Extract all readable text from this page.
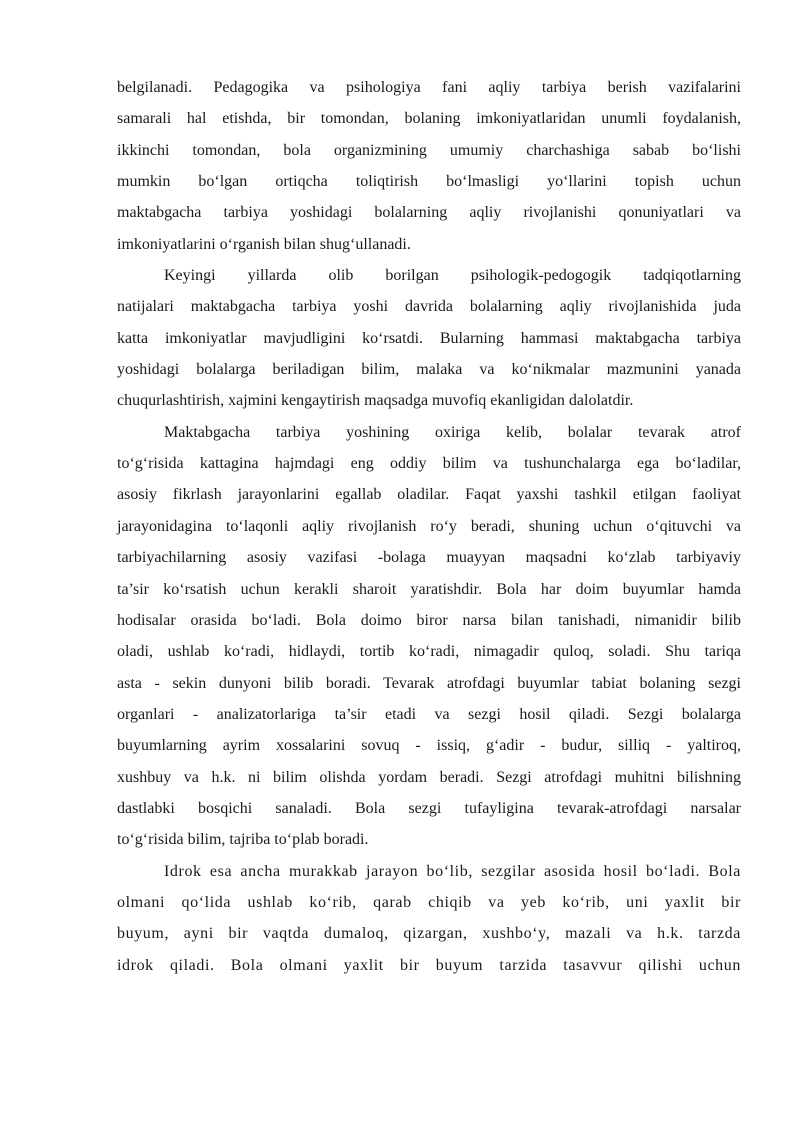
belgilanadi. Pedagogika va psihologiya fani aqliy tarbiya berish vazifalarini
samarali hal etishda, bir tomondan, bolaning imkoniyatlaridan unumli foydalanish,
ikkinchi tomondan, bola organizmining umumiy charchashiga sabab bo‘lishi
mumkin bo‘lgan ortiqcha toliqtirish bo‘lmasligi yo‘llarini topish uchun
maktabgacha tarbiya yoshidagi bolalarning aqliy rivojlanishi qonuniyatlari va
imkoniyatlarini o‘rganish bilan shug‘ullanadi.
Keyingi yillarda olib borilgan psihologik-pedogogik tadqiqotlarning
natijalari maktabgacha tarbiya yoshi davrida bolalarning aqliy rivojlanishida juda
katta imkoniyatlar mavjudligini ko‘rsatdi. Bularning hammasi maktabgacha tarbiya
yoshidagi bolalarga beriladigan bilim, malaka va ko‘nikmalar mazmunini yanada
chuqurlashtirish, xajmini kengaytirish maqsadga muvofiq ekanligidan dalolatdir.
Maktabgacha tarbiya yoshining oxiriga kelib, bolalar tevarak atrof
to‘g‘risida kattagina hajmdagi eng oddiy bilim va tushunchalarga ega bo‘ladilar,
asosiy fikrlash jarayonlarini egallab oladilar. Faqat yaxshi tashkil etilgan faoliyat
jarayonidagina to‘laqonli aqliy rivojlanish ro‘y beradi, shuning uchun o‘qituvchi va
tarbiyachilarning asosiy vazifasi -bolaga muayyan maqsadni ko‘zlab tarbiyaviy
ta’sir ko‘rsatish uchun kerakli sharoit yaratishdir. Bola har doim buyumlar hamda
hodisalar orasida bo‘ladi. Bola doimo biror narsa bilan tanishadi, nimanidir bilib
oladi, ushlab ko‘radi, hidlaydi, tortib ko‘radi, nimagadir quloq, soladi. Shu tariqa
asta - sekin dunyoni bilib boradi. Tevarak atrofdagi buyumlar tabiat bolaning sezgi
organlari - analizatorlariga ta’sir etadi va sezgi hosil qiladi. Sezgi bolalarga
buyumlarning ayrim xossalarini sovuq - issiq, g‘adir - budur, silliq - yaltiroq,
xushbuy va h.k. ni bilim olishda yordam beradi. Sezgi atrofdagi muhitni bilishning
dastlabki bosqichi sanaladi. Bola sezgi tufayligina tevarak-atrofdagi narsalar
to‘g‘risida bilim, tajriba to‘plab boradi.
Idrok esa ancha murakkab jarayon bo‘lib, sezgilar asosida hosil bo‘ladi. Bola
olmani qo‘lida ushlab ko‘rib, qarab chiqib va yeb ko‘rib, uni yaxlit bir
buyum, ayni bir vaqtda dumaloq, qizargan, xushbo‘y, mazali va h.k. tarzda
idrok qiladi. Bola olmani yaxlit bir buyum tarzida tasavvur qilishi uchun
